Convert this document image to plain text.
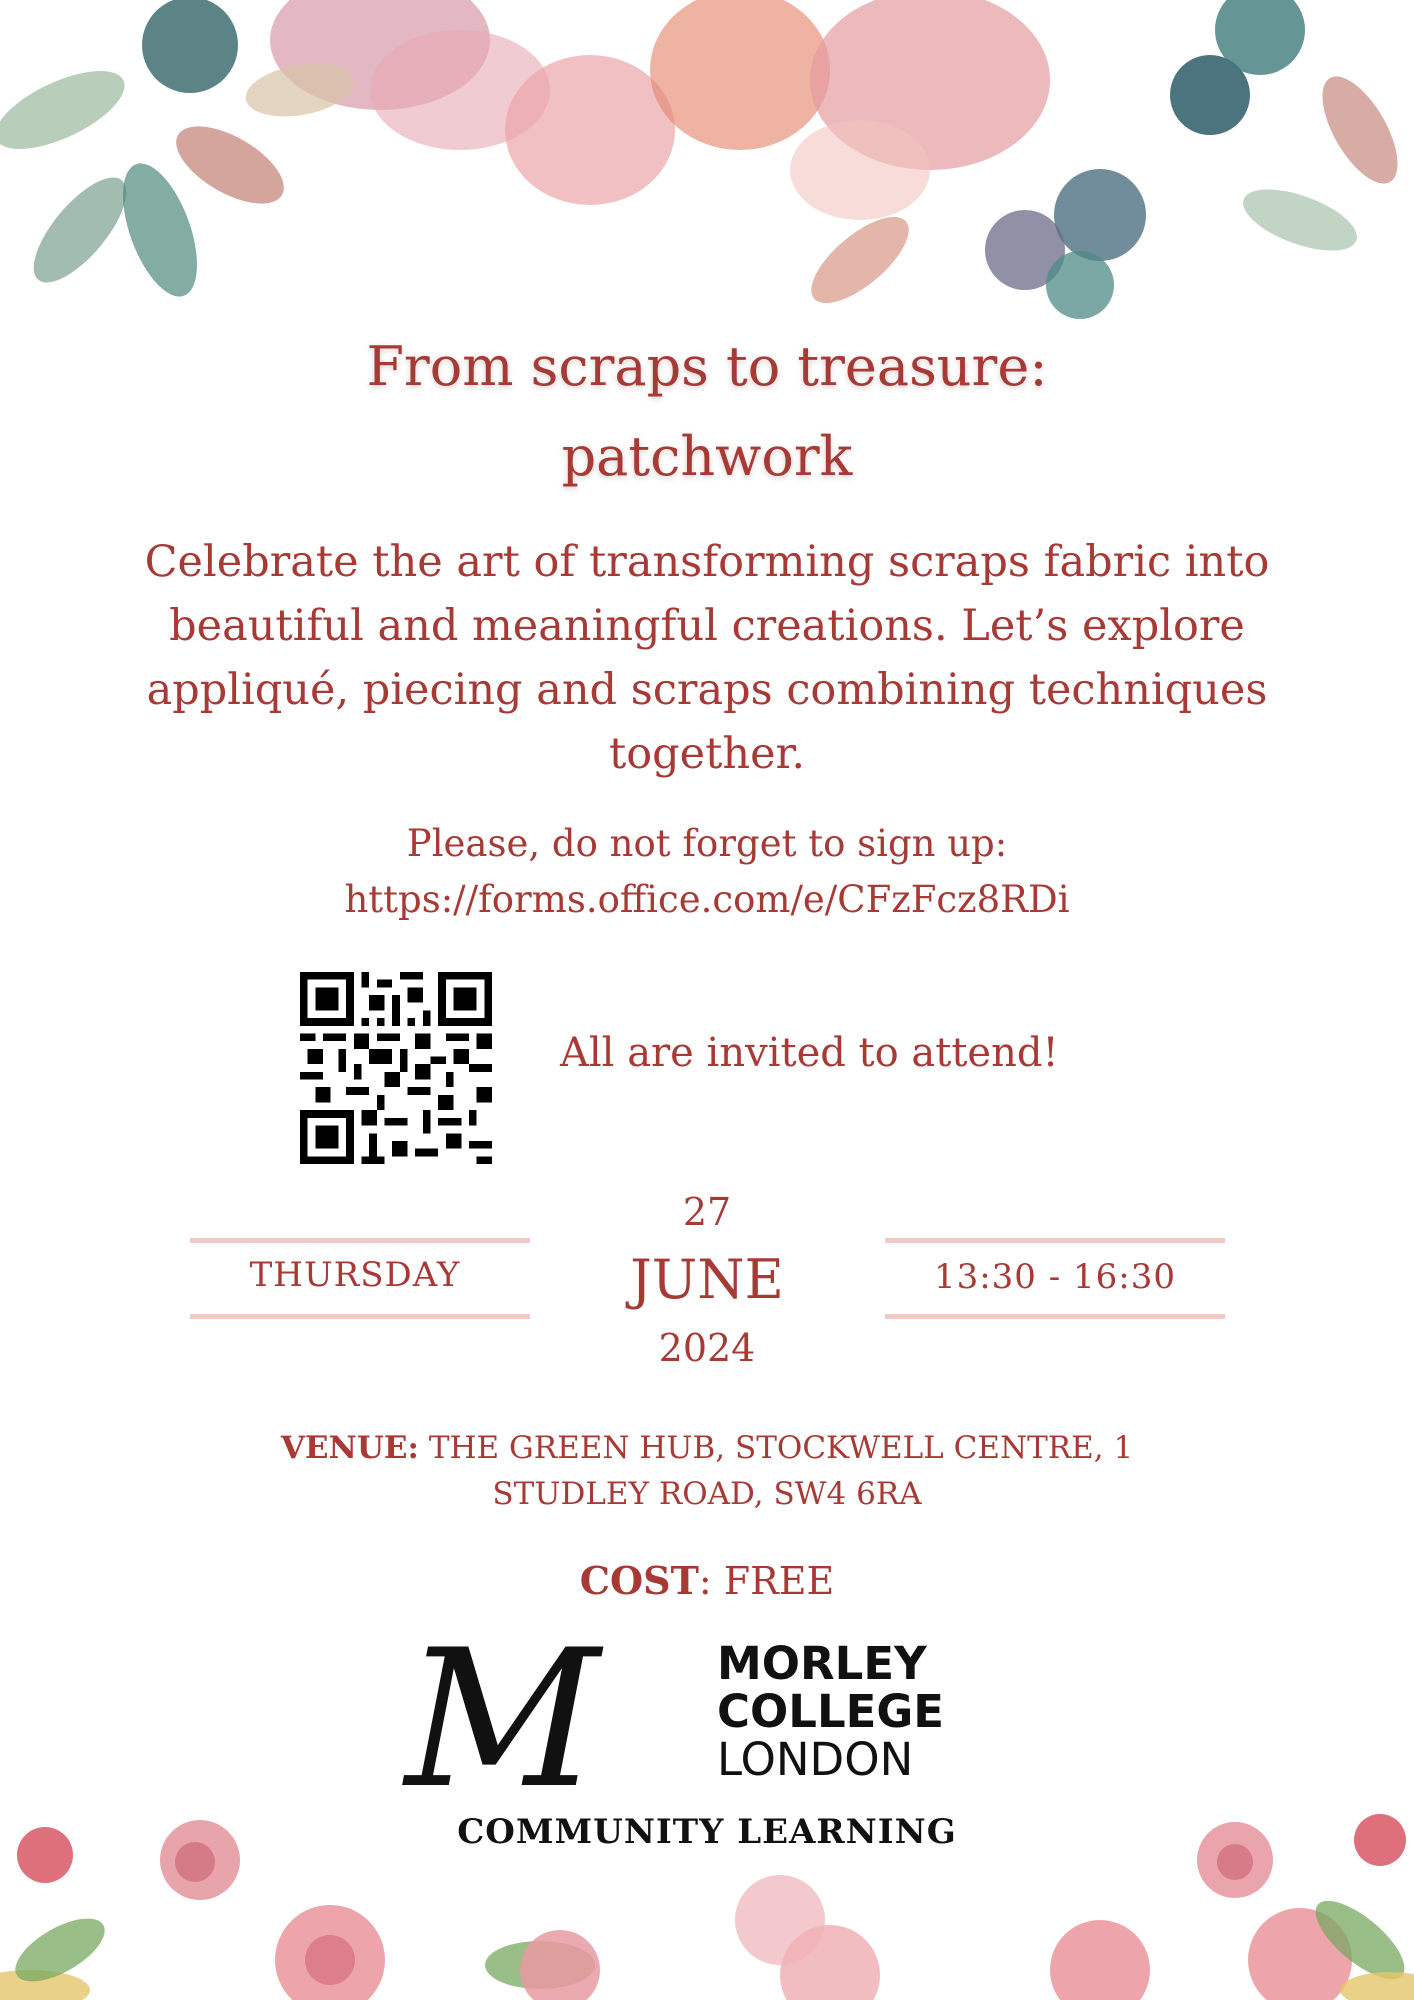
From scraps to treasure:
patchwork
Celebrate the art of transforming scraps fabric into beautiful and meaningful creations. Let’s explore appliqué, piecing and scraps combining techniques together.
Please, do not forget to sign up:
https://forms.office.com/e/CFzFcz8RDi
All are invited to attend!
THURSDAY
27
JUNE
2024
13:30 - 16:30
VENUE: THE GREEN HUB, STOCKWELL CENTRE, 1
STUDLEY ROAD, SW4 6RA
COST: FREE
M	MORLEY
COLLEGE
LONDON
COMMUNITY LEARNING
